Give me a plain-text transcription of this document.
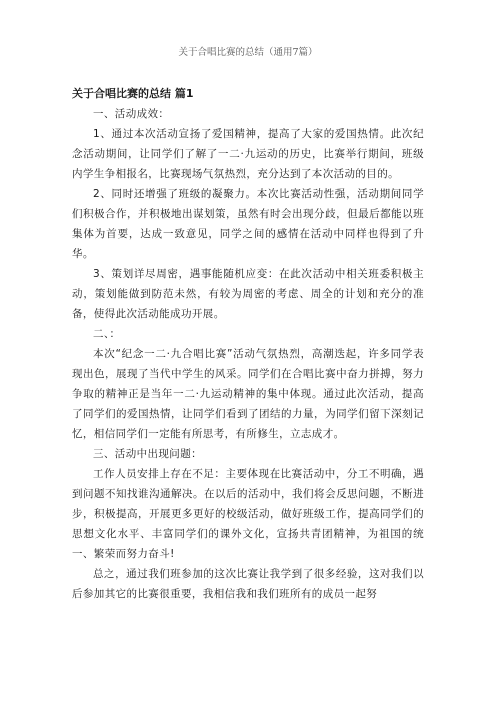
关于合唱比赛的总结（通用7篇）

关于合唱比赛的总结 篇1

一、活动成效：

1、通过本次活动宣扬了爱国精神，提高了大家的爱国热情。此次纪念活动期间，让同学们了解了一二·九运动的历史，比赛举行期间，班级内学生争相报名，比赛现场气氛热烈，充分达到了本次活动的目的。

2、同时还增强了班级的凝聚力。本次比赛活动性强，活动期间同学们积极合作，并积极地出谋划策，虽然有时会出现分歧，但最后都能以班集体为首要，达成一致意见，同学之间的感情在活动中同样也得到了升华。

3、策划详尽周密，遇事能随机应变：在此次活动中相关班委积极主动，策划能做到防范未然，有较为周密的考虑、周全的计划和充分的准备，使得此次活动能成功开展。

二、：

本次“纪念一二·九合唱比赛”活动气氛热烈，高潮迭起，许多同学表现出色，展现了当代中学生的风采。同学们在合唱比赛中奋力拼搏，努力争取的精神正是当年一二·九运动精神的集中体现。通过此次活动，提高了同学们的爱国热情，让同学们看到了团结的力量，为同学们留下深刻记忆，相信同学们一定能有所思考，有所修生，立志成才。

三、活动中出现问题：

工作人员安排上存在不足：主要体现在比赛活动中，分工不明确，遇到问题不知找谁沟通解决。在以后的活动中，我们将会反思问题，不断进步，积极提高，开展更多更好的校级活动，做好班级工作，提高同学们的思想文化水平、丰富同学们的课外文化，宣扬共青团精神，为祖国的统一、繁荣而努力奋斗!

总之，通过我们班参加的这次比赛让我学到了很多经验，这对我们以后参加其它的比赛很重要，我相信我和我们班所有的成员一起努
